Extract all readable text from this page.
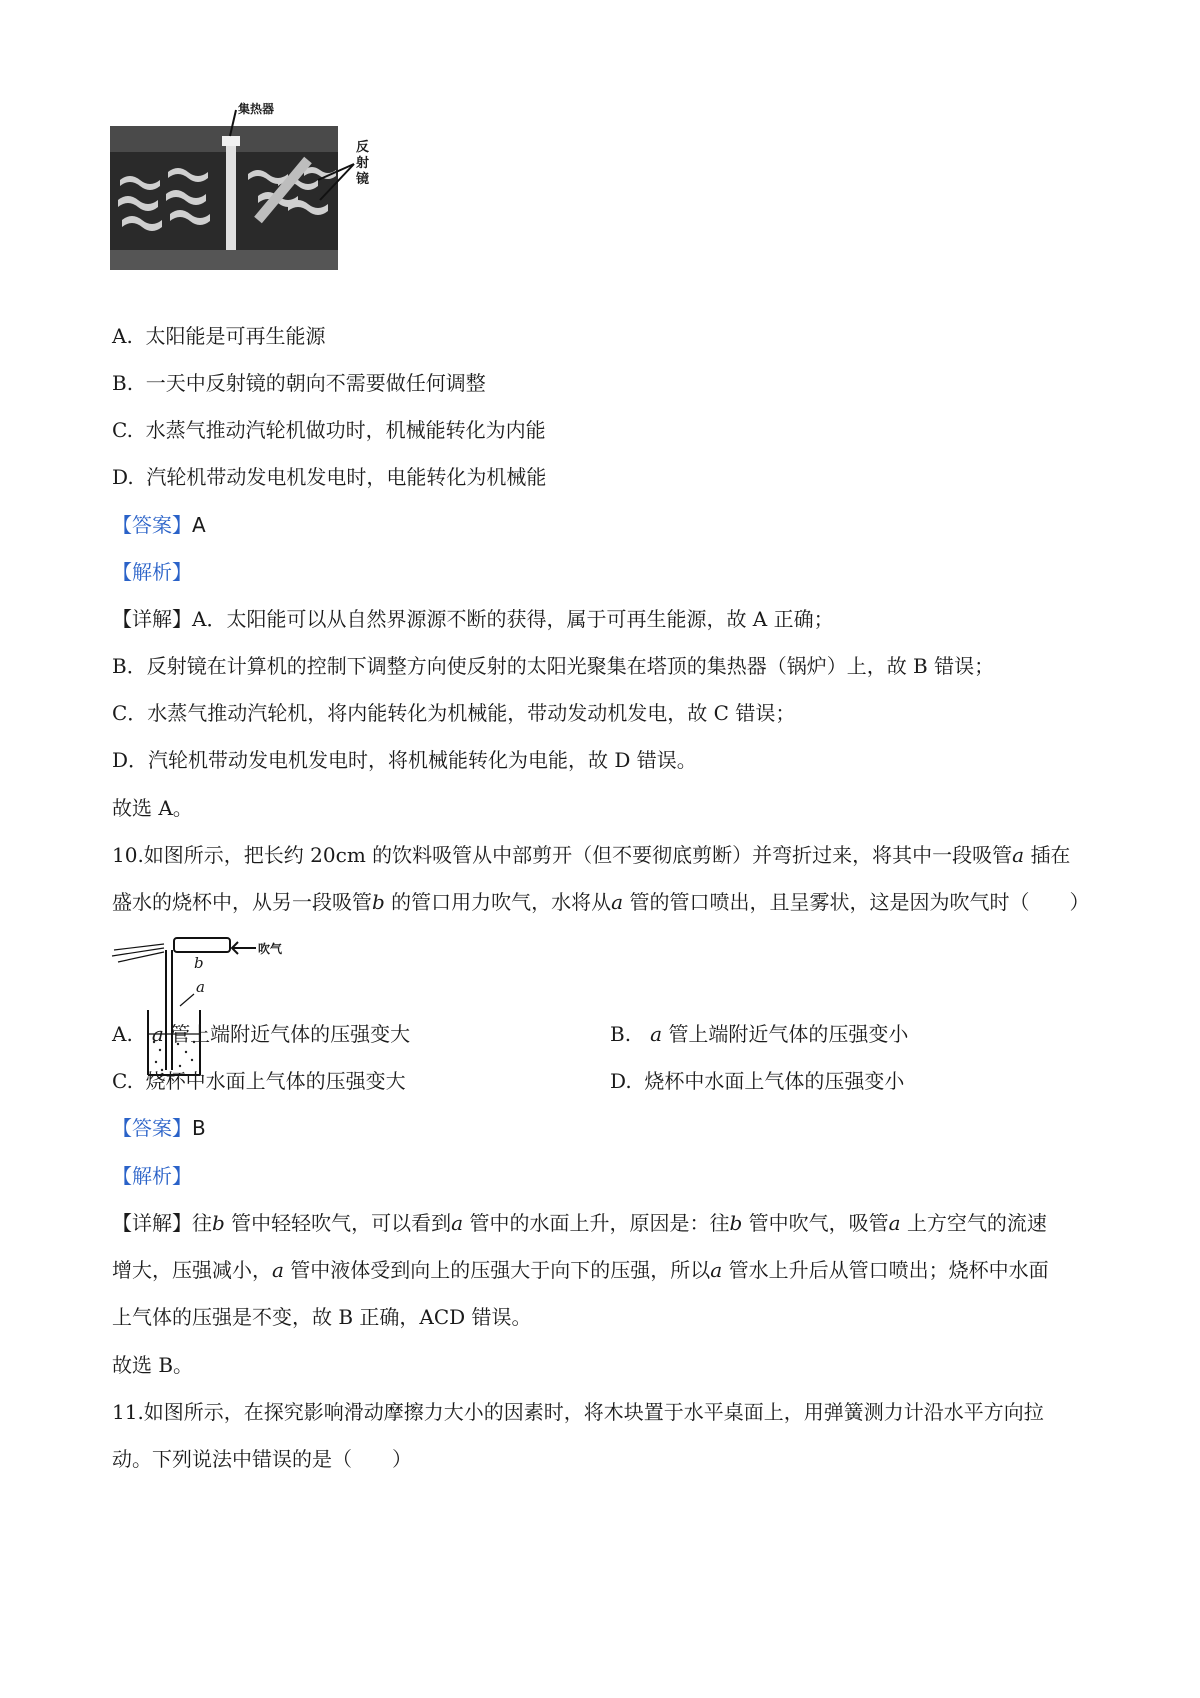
集热器
反射镜
A. 太阳能是可再生能源
B. 一天中反射镜的朝向不需要做任何调整
C. 水蒸气推动汽轮机做功时，机械能转化为内能
D. 汽轮机带动发电机发电时，电能转化为机械能
【答案】A
【解析】
【详解】A．太阳能可以从自然界源源不断的获得，属于可再生能源，故 A 正确；
B．反射镜在计算机的控制下调整方向使反射的太阳光聚集在塔顶的集热器（锅炉）上，故 B 错误；
C．水蒸气推动汽轮机，将内能转化为机械能，带动发动机发电，故 C 错误；
D．汽轮机带动发电机发电时，将机械能转化为电能，故 D 错误。
故选 A。
10.如图所示，把长约 20cm 的饮料吸管从中部剪开（但不要彻底剪断）并弯折过来，将其中一段吸管a 插在
盛水的烧杯中，从另一段吸管b 的管口用力吹气，水将从a 管的管口喷出，且呈雾状，这是因为吹气时（　　）
b
a
吹气
A. a 管上端附近气体的压强变大	B. a 管上端附近气体的压强变小
C. 烧杯中水面上气体的压强变大	D. 烧杯中水面上气体的压强变小
【答案】B
【解析】
【详解】往b 管中轻轻吹气，可以看到a 管中的水面上升，原因是：往b 管中吹气，吸管a 上方空气的流速
增大，压强减小，a 管中液体受到向上的压强大于向下的压强，所以a 管水上升后从管口喷出；烧杯中水面
上气体的压强是不变，故 B 正确，ACD 错误。
故选 B。
11.如图所示，在探究影响滑动摩擦力大小的因素时，将木块置于水平桌面上，用弹簧测力计沿水平方向拉
动。下列说法中错误的是（　　）
